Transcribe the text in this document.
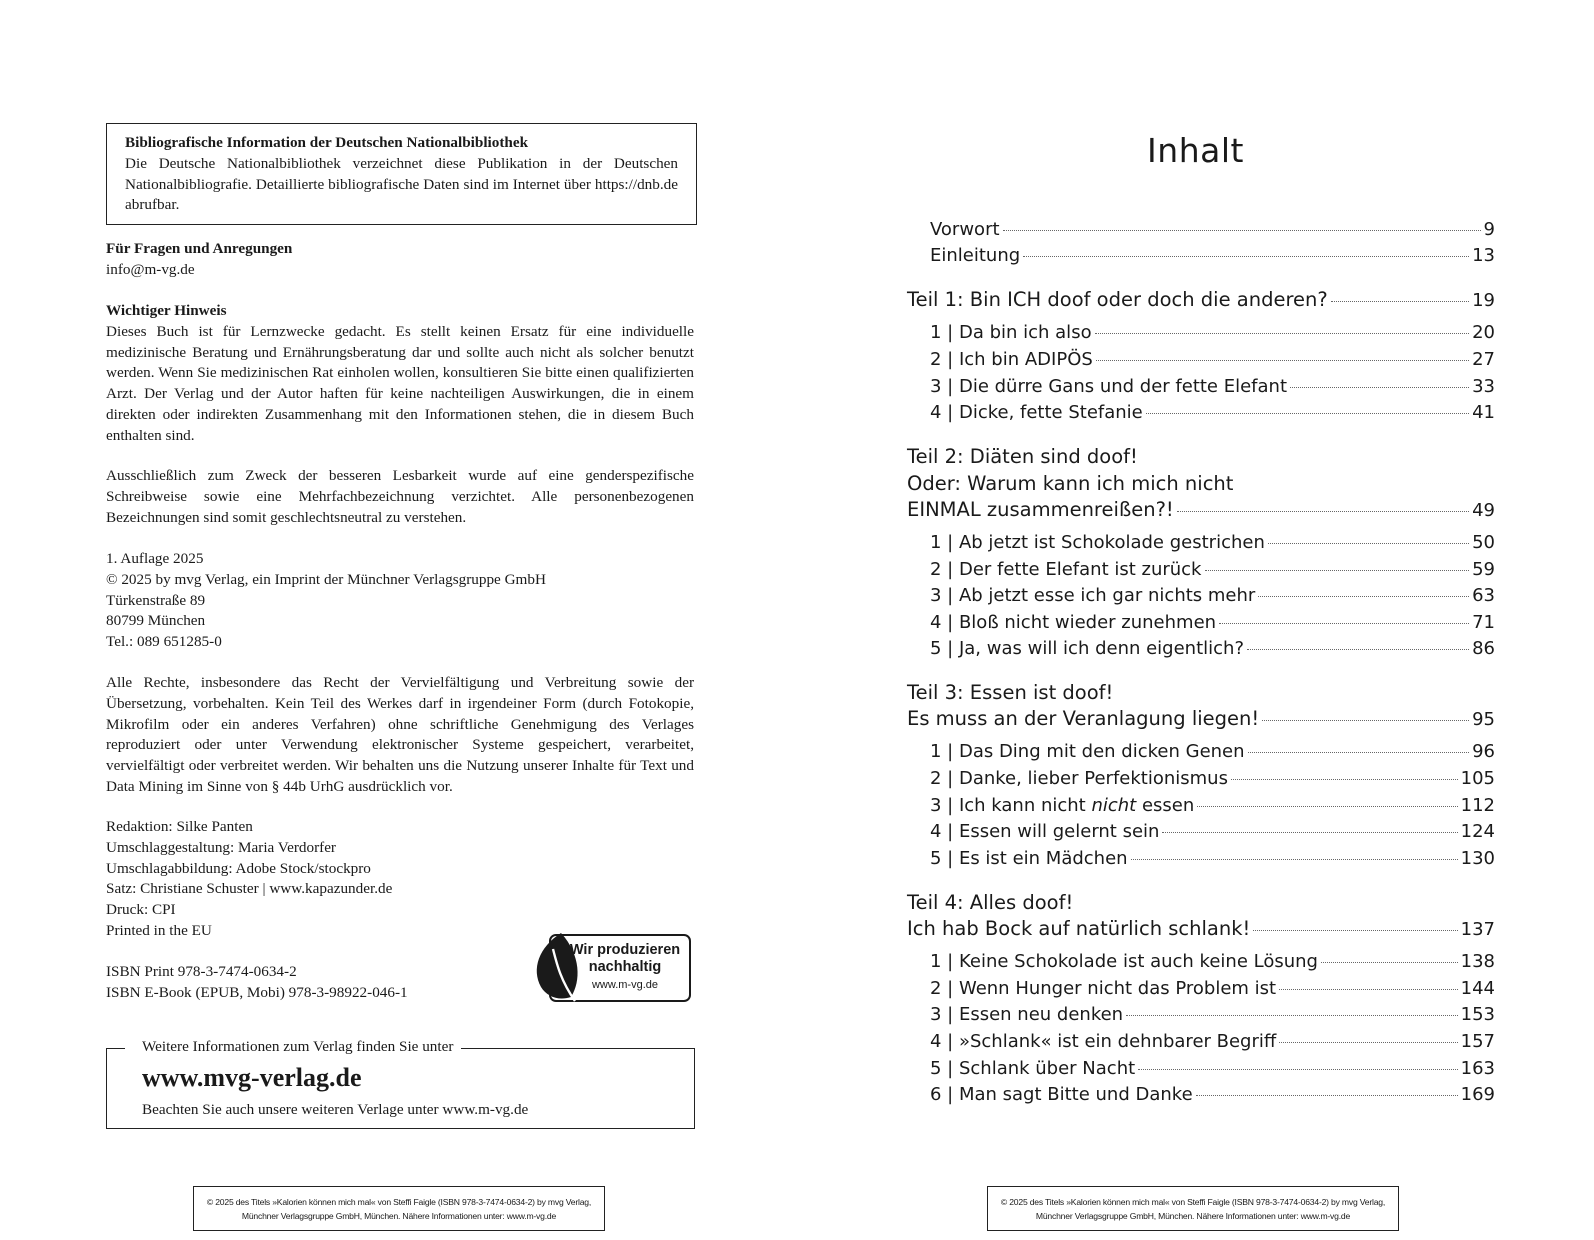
Bibliografische Information der Deutschen Nationalbibliothek
Die Deutsche Nationalbibliothek verzeichnet diese Publikation in der Deutschen Nationalbibliografie. Detaillierte bibliografische Daten sind im Internet über https://dnb.de abrufbar.
Für Fragen und Anregungen
info@m-vg.de
Wichtiger Hinweis
Dieses Buch ist für Lernzwecke gedacht. Es stellt keinen Ersatz für eine individuelle medizinische Beratung und Ernährungsberatung dar und sollte auch nicht als solcher benutzt werden. Wenn Sie medizinischen Rat einholen wollen, konsultieren Sie bitte einen qualifizierten Arzt. Der Verlag und der Autor haften für keine nachteiligen Auswirkungen, die in einem direkten oder indirekten Zusammenhang mit den Informationen stehen, die in diesem Buch enthalten sind.
Ausschließlich zum Zweck der besseren Lesbarkeit wurde auf eine genderspezifische Schreibweise sowie eine Mehrfachbezeichnung verzichtet. Alle personenbezogenen Bezeichnungen sind somit geschlechtsneutral zu verstehen.
1. Auflage 2025
© 2025 by mvg Verlag, ein Imprint der Münchner Verlagsgruppe GmbH
Türkenstraße 89
80799 München
Tel.: 089 651285-0
Alle Rechte, insbesondere das Recht der Vervielfältigung und Verbreitung sowie der Übersetzung, vorbehalten. Kein Teil des Werkes darf in irgendeiner Form (durch Fotokopie, Mikrofilm oder ein anderes Verfahren) ohne schriftliche Genehmigung des Verlages reproduziert oder unter Verwendung elektronischer Systeme gespeichert, verarbeitet, vervielfältigt oder verbreitet werden. Wir behalten uns die Nutzung unserer Inhalte für Text und Data Mining im Sinne von § 44b UrhG ausdrücklich vor.
Redaktion: Silke Panten
Umschlaggestaltung: Maria Verdorfer
Umschlagabbildung: Adobe Stock/stockpro
Satz: Christiane Schuster | www.kapazunder.de
Druck: CPI
Printed in the EU
ISBN Print 978-3-7474-0634-2
ISBN E-Book (EPUB, Mobi) 978-3-98922-046-1
Wir produzieren
nachhaltig
www.m-vg.de
Weitere Informationen zum Verlag finden Sie unter
www.mvg-verlag.de
Beachten Sie auch unsere weiteren Verlage unter www.m-vg.de
© 2025 des Titels »Kalorien können mich mal« von Steffi Faigle (ISBN 978-3-7474-0634-2) by mvg Verlag,
Münchner Verlagsgruppe GmbH, München. Nähere Informationen unter: www.m-vg.de
Inhalt
Vorwort	9
Einleitung	13
Teil 1: Bin ICH doof oder doch die anderen?	19
1 | Da bin ich also	20
2 | Ich bin ADIPÖS	27
3 | Die dürre Gans und der fette Elefant	33
4 | Dicke, fette Stefanie	41
Teil 2: Diäten sind doof!
Oder: Warum kann ich mich nicht
EINMAL zusammenreißen?!	49
1 | Ab jetzt ist Schokolade gestrichen	50
2 | Der fette Elefant ist zurück	59
3 | Ab jetzt esse ich gar nichts mehr	63
4 | Bloß nicht wieder zunehmen	71
5 | Ja, was will ich denn eigentlich?	86
Teil 3: Essen ist doof!
Es muss an der Veranlagung liegen!	95
1 | Das Ding mit den dicken Genen	96
2 | Danke, lieber Perfektionismus	105
3 | Ich kann nicht nicht essen	112
4 | Essen will gelernt sein	124
5 | Es ist ein Mädchen	130
Teil 4: Alles doof!
Ich hab Bock auf natürlich schlank!	137
1 | Keine Schokolade ist auch keine Lösung	138
2 | Wenn Hunger nicht das Problem ist	144
3 | Essen neu denken	153
4 | »Schlank« ist ein dehnbarer Begriff	157
5 | Schlank über Nacht	163
6 | Man sagt Bitte und Danke	169
© 2025 des Titels »Kalorien können mich mal« von Steffi Faigle (ISBN 978-3-7474-0634-2) by mvg Verlag,
Münchner Verlagsgruppe GmbH, München. Nähere Informationen unter: www.m-vg.de
